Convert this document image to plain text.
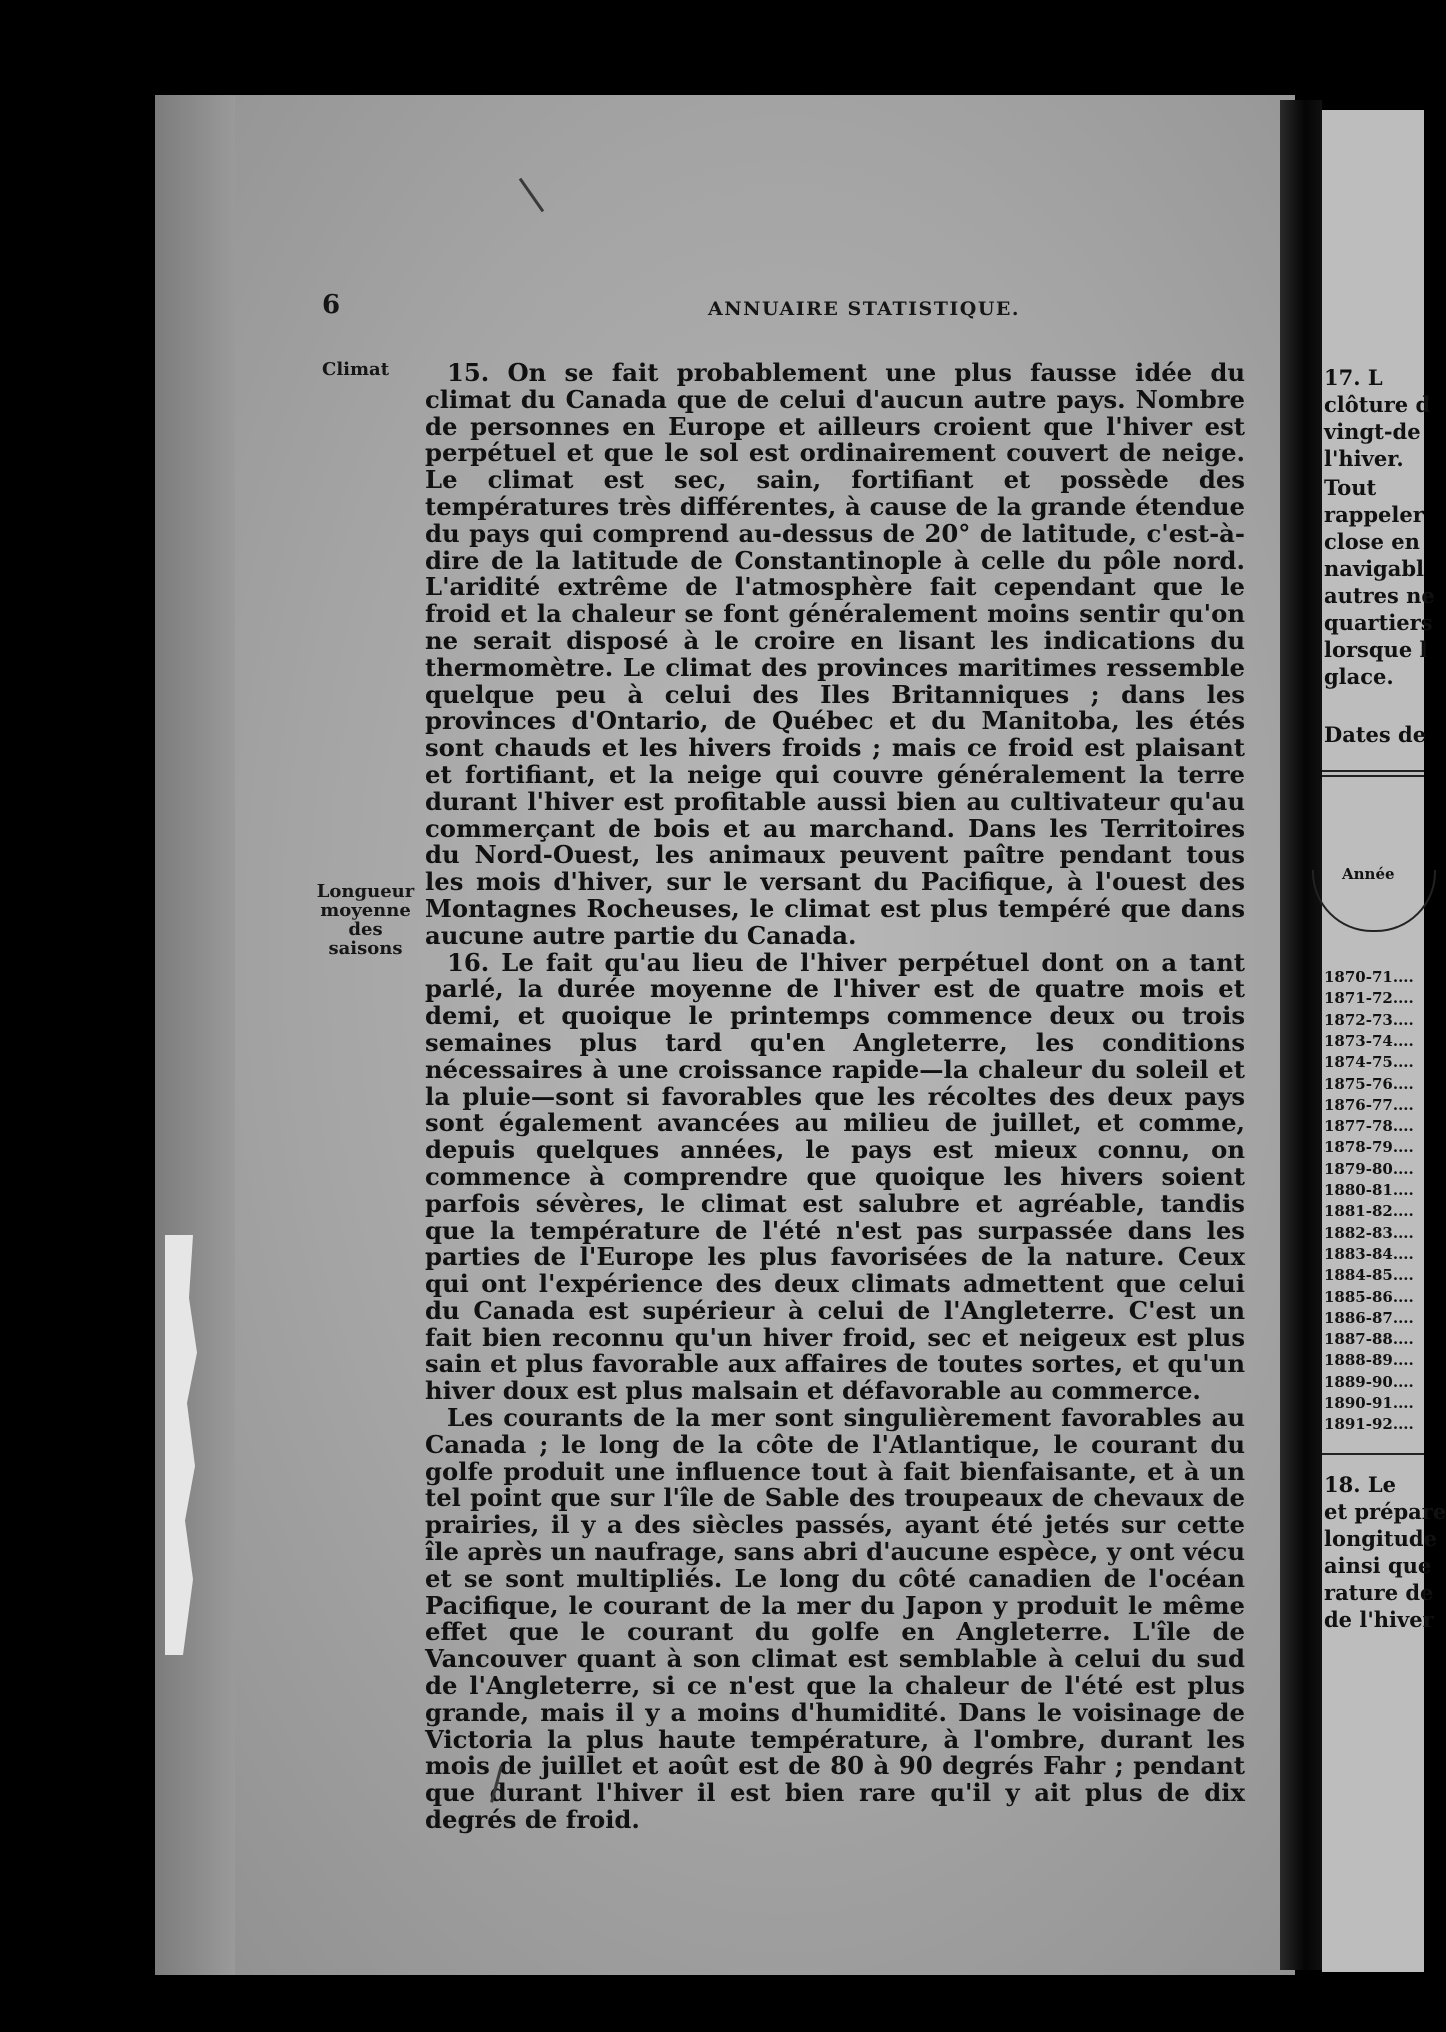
6	ANNUAIRE STATISTIQUE.
Climat
Longueur
moyenne
des saisons

15. On se fait probablement une plus fausse idée du climat du Canada que de celui d'aucun autre pays. Nombre de personnes en Europe et ailleurs croient que l'hiver est perpétuel et que le sol est ordinairement couvert de neige. Le climat est sec, sain, fortifiant et possède des températures très différentes, à cause de la grande étendue du pays qui comprend au-dessus de 20° de latitude, c'est-à-dire de la latitude de Constantinople à celle du pôle nord. L'aridité extrême de l'atmosphère fait cependant que le froid et la chaleur se font généralement moins sentir qu'on ne serait disposé à le croire en lisant les indications du thermomètre. Le climat des provinces maritimes ressemble quelque peu à celui des Iles Britanniques ; dans les provinces d'Ontario, de Québec et du Manitoba, les étés sont chauds et les hivers froids ; mais ce froid est plaisant et fortifiant, et la neige qui couvre généralement la terre durant l'hiver est profitable aussi bien au cultivateur qu'au commerçant de bois et au marchand. Dans les Territoires du Nord-Ouest, les animaux peuvent paître pendant tous les mois d'hiver, sur le versant du Pacifique, à l'ouest des Montagnes Rocheuses, le climat est plus tempéré que dans aucune autre partie du Canada.

16. Le fait qu'au lieu de l'hiver perpétuel dont on a tant parlé, la durée moyenne de l'hiver est de quatre mois et demi, et quoique le printemps commence deux ou trois semaines plus tard qu'en Angleterre, les conditions nécessaires à une croissance rapide—la chaleur du soleil et la pluie—sont si favorables que les récoltes des deux pays sont également avancées au milieu de juillet, et comme, depuis quelques années, le pays est mieux connu, on commence à comprendre que quoique les hivers soient parfois sévères, le climat est salubre et agréable, tandis que la température de l'été n'est pas surpassée dans les parties de l'Europe les plus favorisées de la nature. Ceux qui ont l'expérience des deux climats admettent que celui du Canada est supérieur à celui de l'Angleterre. C'est un fait bien reconnu qu'un hiver froid, sec et neigeux est plus sain et plus favorable aux affaires de toutes sortes, et qu'un hiver doux est plus malsain et défavorable au commerce.

Les courants de la mer sont singulièrement favorables au Canada ; le long de la côte de l'Atlantique, le courant du golfe produit une influence tout à fait bienfaisante, et à un tel point que sur l'île de Sable des troupeaux de chevaux de prairies, il y a des siècles passés, ayant été jetés sur cette île après un naufrage, sans abri d'aucune espèce, y ont vécu et se sont multipliés. Le long du côté canadien de l'océan Pacifique, le courant de la mer du Japon y produit le même effet que le courant du golfe en Angleterre. L'île de Vancouver quant à son climat est semblable à celui du sud de l'Angleterre, si ce n'est que la chaleur de l'été est plus grande, mais il y a moins d'humidité. Dans le voisinage de Victoria la plus haute température, à l'ombre, durant les mois de juillet et août est de 80 à 90 degrés Fahr ; pendant que durant l'hiver il est bien rare qu'il y ait plus de dix degrés de froid.

17. L
clôture d
vingt-de
l'hiver.
Tout
rappeler
close en
navigabl
autres ne
quartiers
lorsque l
glace.
Dates de
Année
1870-71....
1871-72....
1872-73....
1873-74....
1874-75....
1875-76....
1876-77....
1877-78....
1878-79....
1879-80....
1880-81....
1881-82....
1882-83....
1883-84....
1884-85....
1885-86....
1886-87....
1887-88....
1888-89....
1889-90....
1890-91....
1891-92....
18. Le
et prépare
longitude
ainsi que
rature de
de l'hiver
